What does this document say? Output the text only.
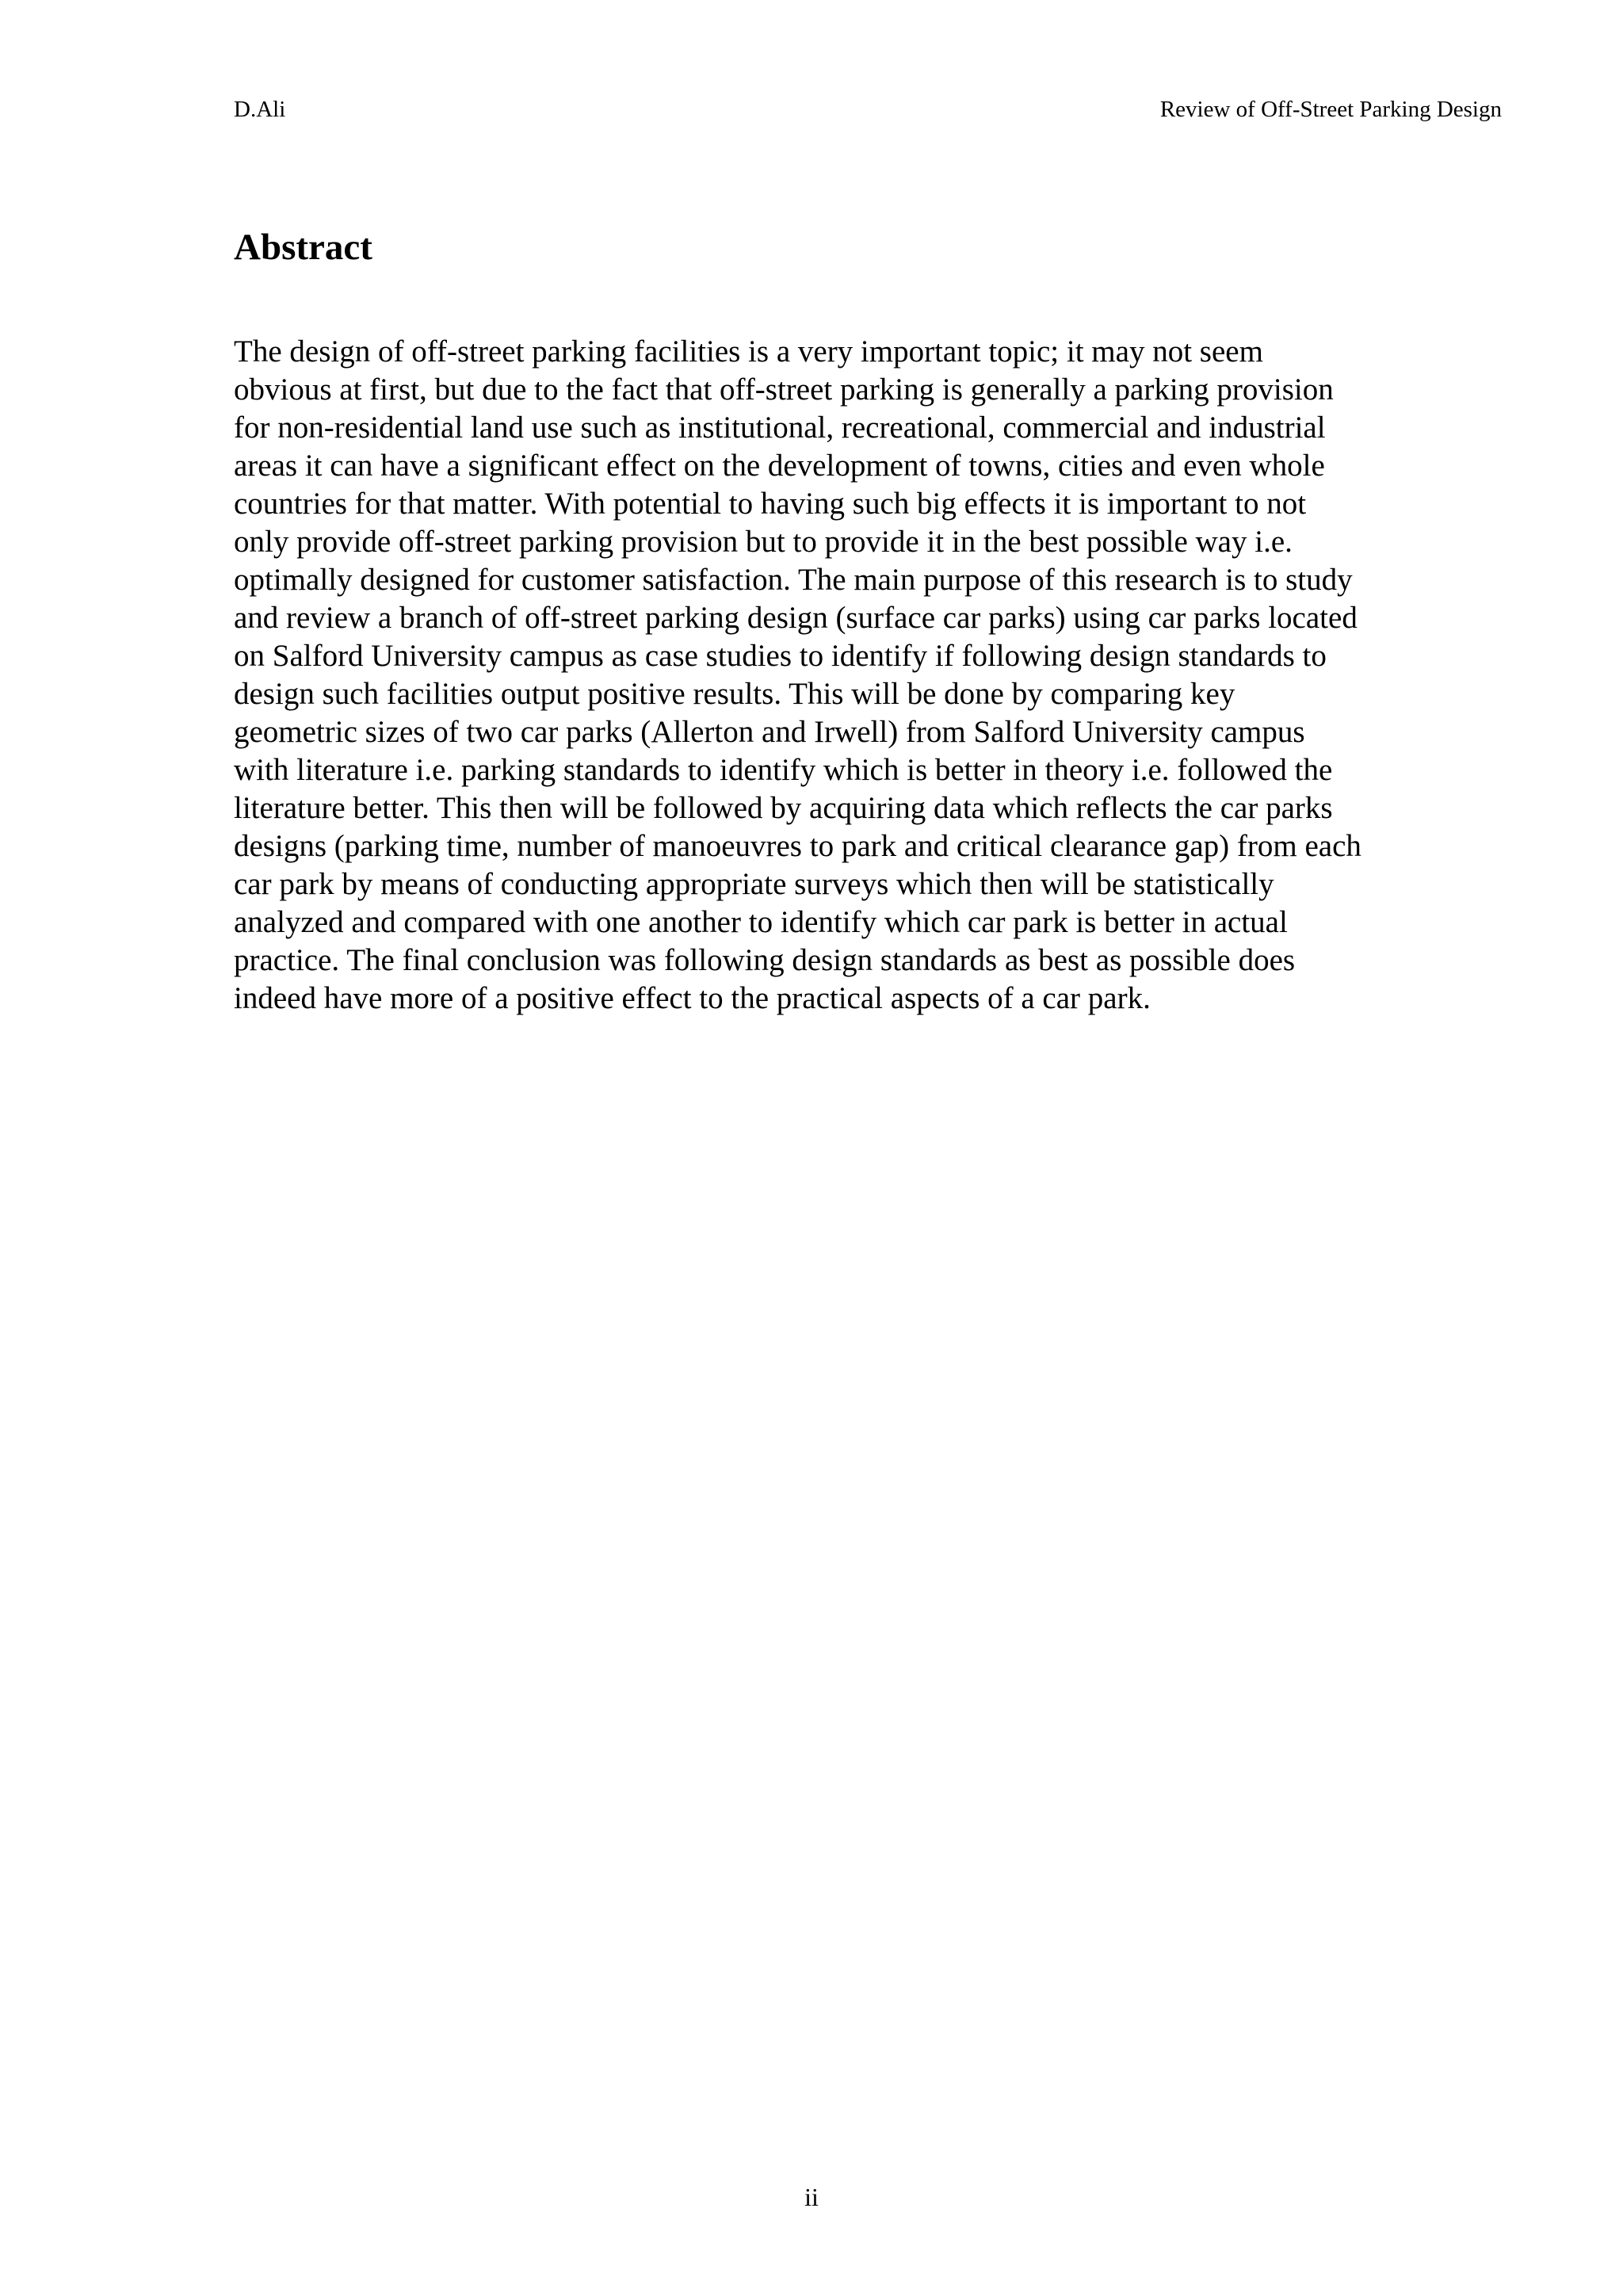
D.Ali	Review of Off-Street Parking Design
Abstract
The design of off-street parking facilities is a very important topic; it may not seem
obvious at first, but due to the fact that off-street parking is generally a parking provision
for non-residential land use such as institutional, recreational, commercial and industrial
areas it can have a significant effect on the development of towns, cities and even whole
countries for that matter. With potential to having such big effects it is important to not
only provide off-street parking provision but to provide it in the best possible way i.e.
optimally designed for customer satisfaction. The main purpose of this research is to study
and review a branch of off-street parking design (surface car parks) using car parks located
on Salford University campus as case studies to identify if following design standards to
design such facilities output positive results. This will be done by comparing key
geometric sizes of two car parks (Allerton and Irwell) from Salford University campus
with literature i.e. parking standards to identify which is better in theory i.e. followed the
literature better. This then will be followed by acquiring data which reflects the car parks
designs (parking time, number of manoeuvres to park and critical clearance gap) from each
car park by means of conducting appropriate surveys which then will be statistically
analyzed and compared with one another to identify which car park is better in actual
practice. The final conclusion was following design standards as best as possible does
indeed have more of a positive effect to the practical aspects of a car park.
ii
